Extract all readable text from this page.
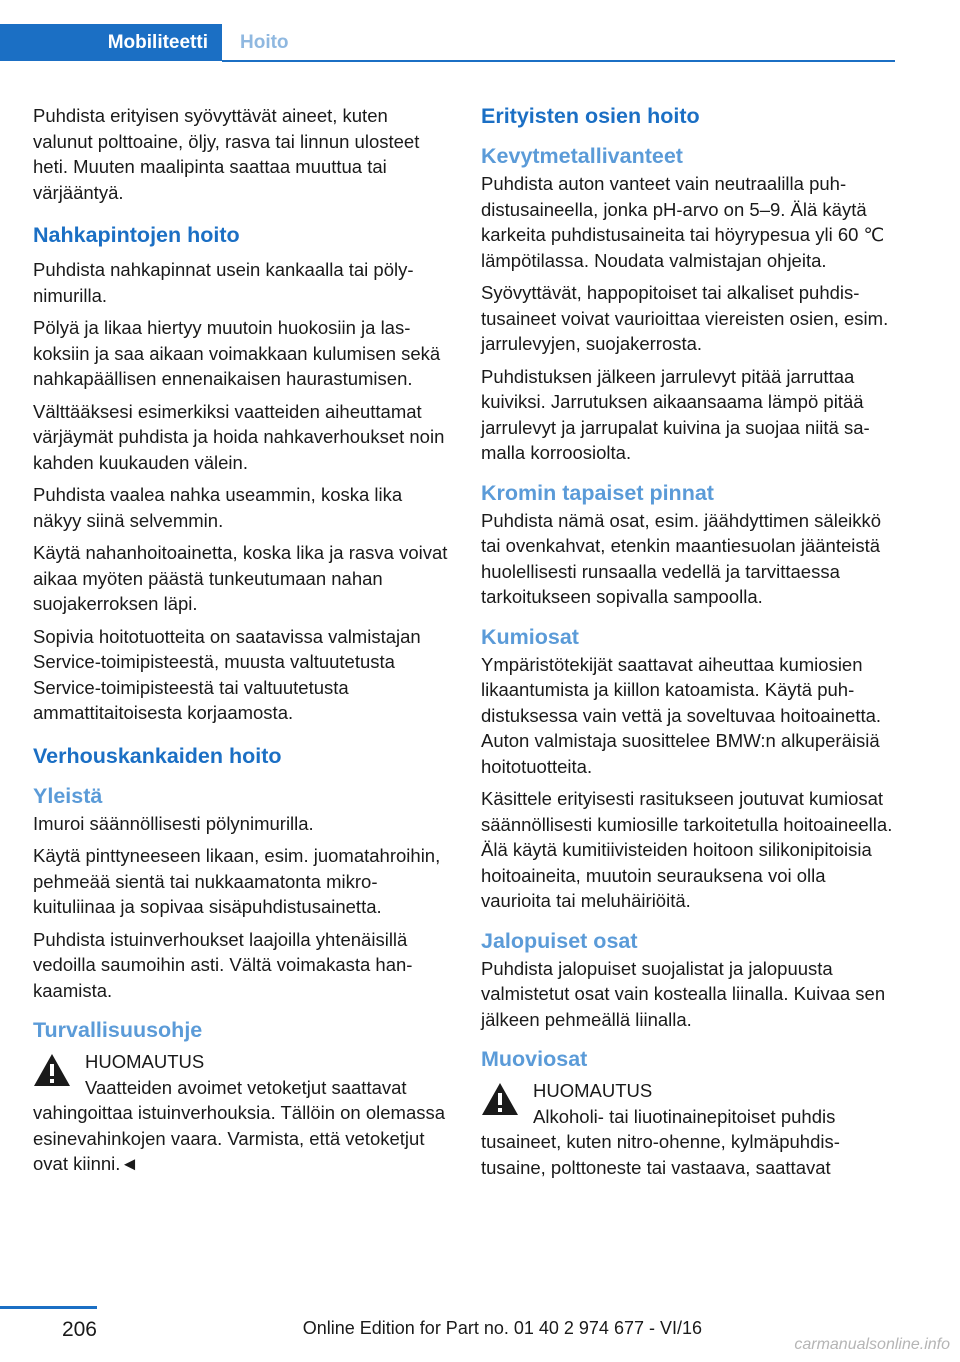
Mobiliteetti	Hoito

Puhdista erityisen syövyttävät aineet, kuten valunut polttoaine, öljy, rasva tai linnun ulosteet heti. Muuten maalipinta saattaa muuttua tai värjääntyä.

Nahkapintojen hoito

Puhdista nahkapinnat usein kankaalla tai pölynimurilla.

Pölyä ja likaa hiertyy muutoin huokosiin ja laskoksiin ja saa aikaan voimakkaan kulumisen sekä nahkapäällisen ennenaikaisen haurastumisen.

Välttääksesi esimerkiksi vaatteiden aiheuttamat värjäymät puhdista ja hoida nahkaverhoukset noin kahden kuukauden välein.

Puhdista vaalea nahka useammin, koska lika näkyy siinä selvemmin.

Käytä nahanhoitoainetta, koska lika ja rasva voivat aikaa myöten päästä tunkeutumaan nahan suojakerroksen läpi.

Sopivia hoitotuotteita on saatavissa valmistajan Service-toimipisteestä, muusta valtuutetusta Service-toimipisteestä tai valtuutetusta ammattitaitoisesta korjaamosta.

Verhouskankaiden hoito
Yleistä

Imuroi säännöllisesti pölynimurilla.

Käytä pinttyneeseen likaan, esim. juomatahroihin, pehmeää sientä tai nukkaamatonta mikrokuituliinaa ja sopivaa sisäpuhdistusainetta.

Puhdista istuinverhoukset laajoilla yhtenäisillä vedoilla saumoihin asti. Vältä voimakasta hankaamista.

Turvallisuusohje

HUOMAUTUS

Vaatteiden avoimet vetoketjut saattavat

vahingoittaa istuinverhouksia. Tällöin on olemassa esinevahinkojen vaara. Varmista, että vetoketjut ovat kiinni.◄

Erityisten osien hoito
Kevytmetallivanteet

Puhdista auton vanteet vain neutraalilla puhdistusaineella, jonka pH-arvo on 5–9. Älä käytä karkeita puhdistusaineita tai höyrypesua yli 60 ℃ lämpötilassa. Noudata valmistajan ohjeita.

Syövyttävät, happopitoiset tai alkaliset puhdistusaineet voivat vaurioittaa viereisten osien, esim. jarrulevyjen, suojakerrosta.

Puhdistuksen jälkeen jarrulevyt pitää jarruttaa kuiviksi. Jarrutuksen aikaansaama lämpö pitää jarrulevyt ja jarrupalat kuivina ja suojaa niitä samalla korroosiolta.

Kromin tapaiset pinnat

Puhdista nämä osat, esim. jäähdyttimen säleikkö tai ovenkahvat, etenkin maantiesuolan jäänteistä huolellisesti runsaalla vedellä ja tarvittaessa tarkoitukseen sopivalla sampoolla.

Kumiosat

Ympäristötekijät saattavat aiheuttaa kumiosien likaantumista ja kiillon katoamista. Käytä puhdistuksessa vain vettä ja soveltuvaa hoitoainetta. Auton valmistaja suosittelee BMW:n alkuperäisiä hoitotuotteita.

Käsittele erityisesti rasitukseen joutuvat kumiosat säännöllisesti kumiosille tarkoitetulla hoitoaineella. Älä käytä kumitiivisteiden hoitoon silikonipitoisia hoitoaineita, muutoin seurauksena voi olla vaurioita tai meluhäiriöitä.

Jalopuiset osat

Puhdista jalopuiset suojalistat ja jalopuusta valmistetut osat vain kostealla liinalla. Kuivaa sen jälkeen pehmeällä liinalla.

Muoviosat

HUOMAUTUS

Alkoholi- tai liuotinainepitoiset puhdis

tusaineet, kuten nitro-ohenne, kylmäpuhdistusaine, polttoneste tai vastaava, saattavat

206	Online Edition for Part no. 01 40 2 974 677 - VI/16
carmanualsonline.info
